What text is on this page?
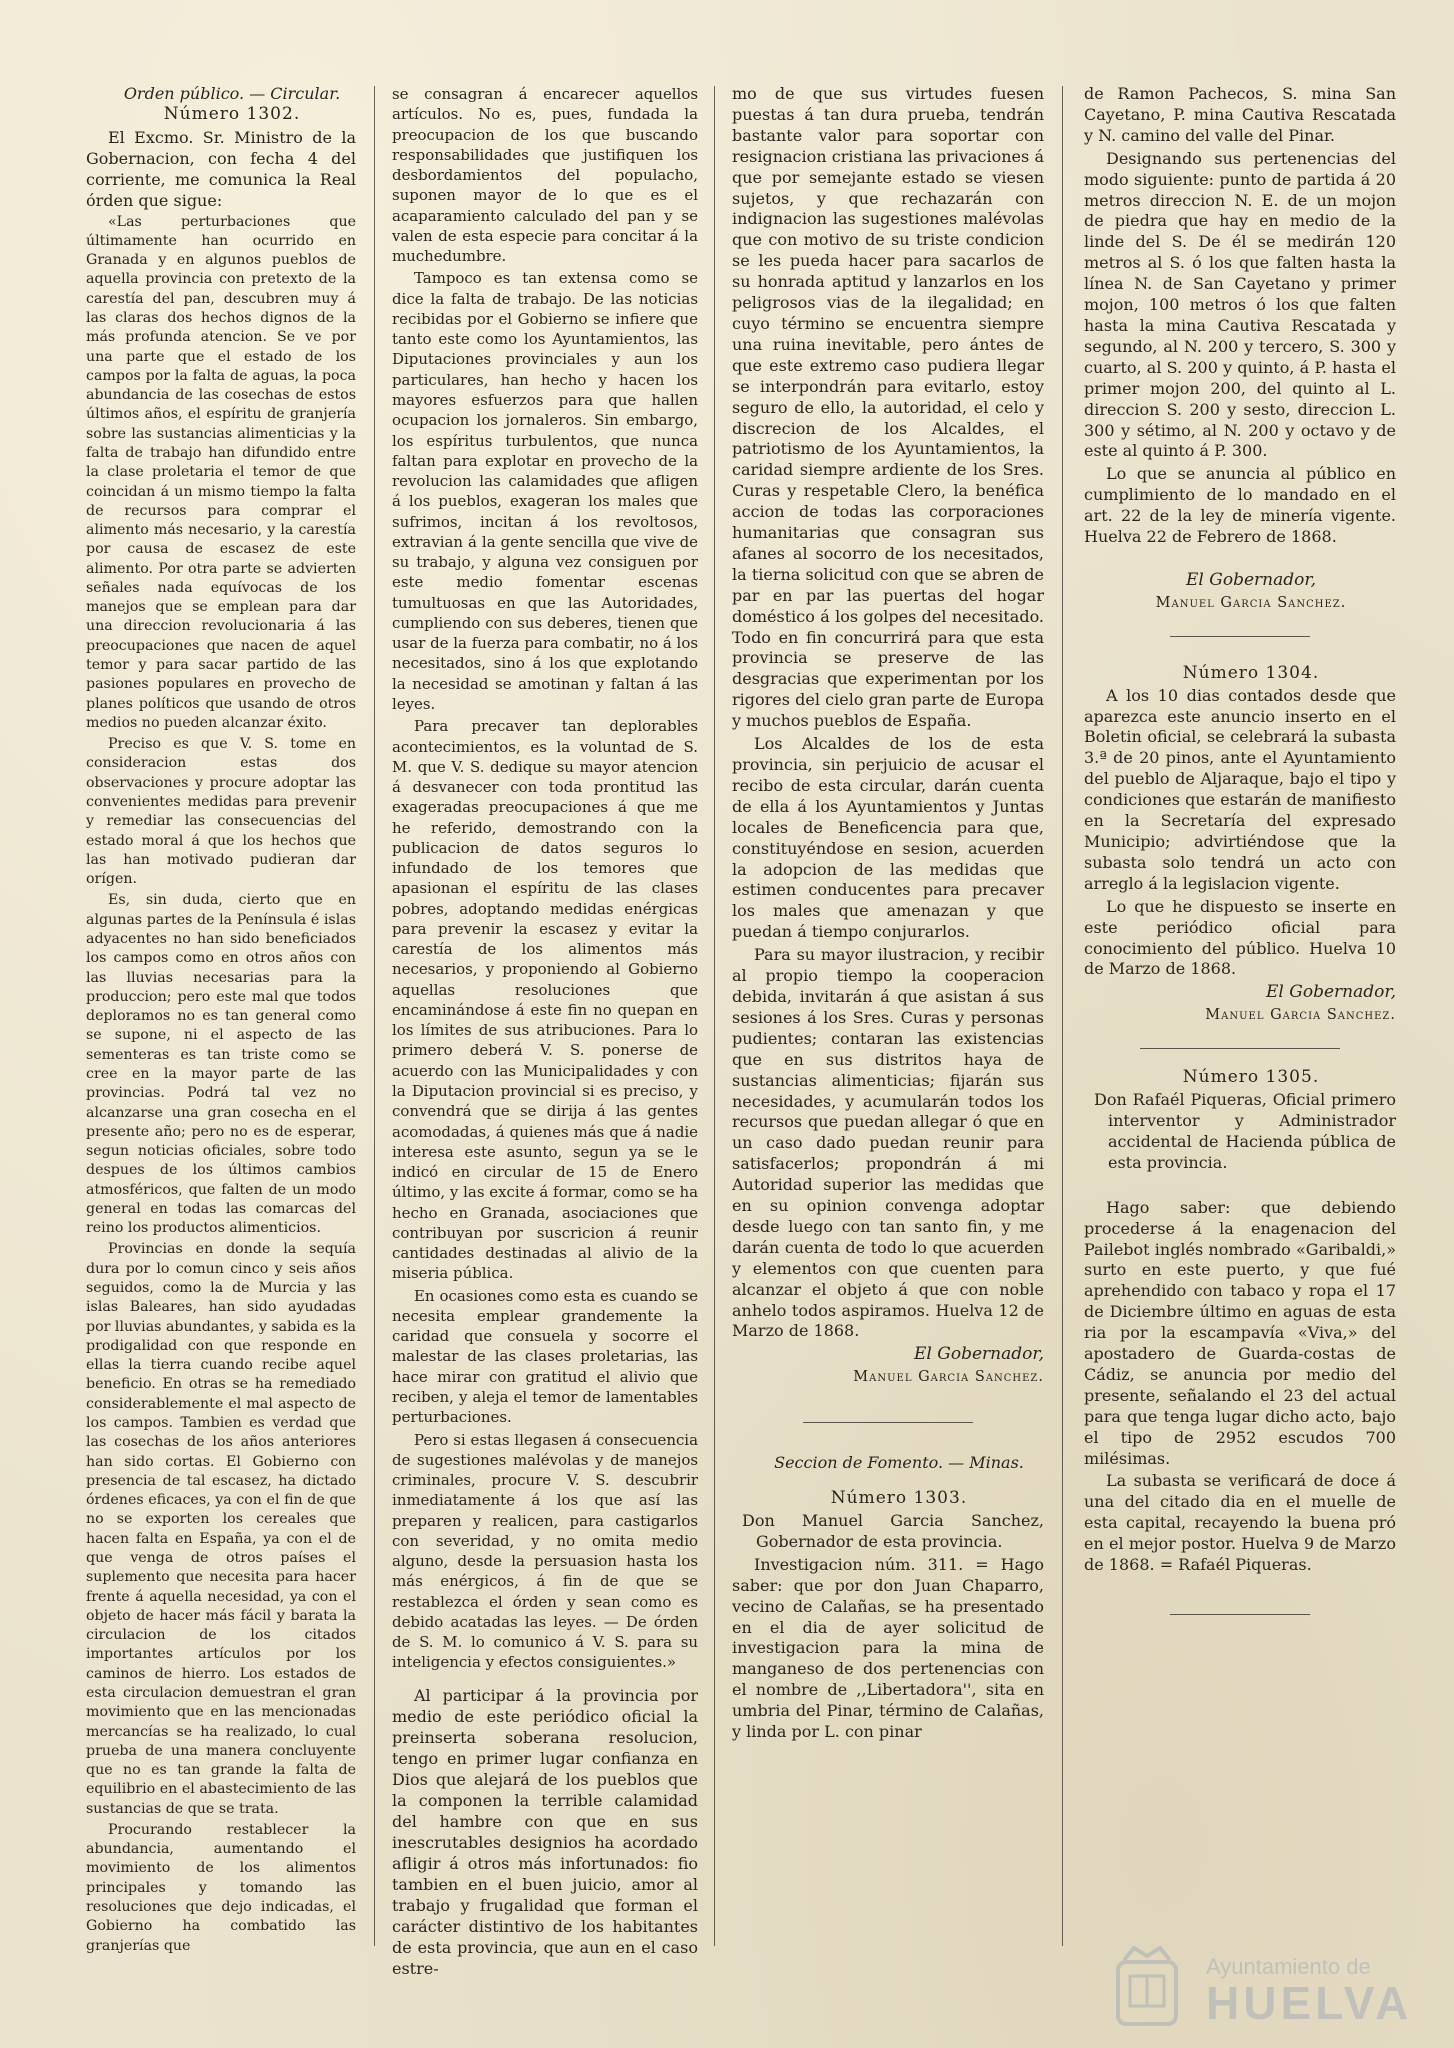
Orden público. — Circular.

Número 1302.

El Excmo. Sr. Ministro de la Gobernacion, con fecha 4 del corriente, me comunica la Real órden que sigue:

«Las perturbaciones que últimamente han ocurrido en Granada y en algunos pueblos de aquella provincia con pretexto de la carestía del pan, descubren muy á las claras dos hechos dignos de la más profunda atencion. Se ve por una parte que el estado de los campos por la falta de aguas, la poca abundancia de las cosechas de estos últimos años, el espíritu de granjería sobre las sustancias alimenticias y la falta de trabajo han difundido entre la clase proletaria el temor de que coincidan á un mismo tiempo la falta de recursos para comprar el alimento más necesario, y la carestía por causa de escasez de este alimento. Por otra parte se advierten señales nada equívocas de los manejos que se emplean para dar una direccion revolucionaria á las preocupaciones que nacen de aquel temor y para sacar partido de las pasiones populares en provecho de planes políticos que usando de otros medios no pueden alcanzar éxito.

Preciso es que V. S. tome en consideracion estas dos observaciones y procure adoptar las convenientes medidas para prevenir y remediar las consecuencias del estado moral á que los hechos que las han motivado pudieran dar orígen.

Es, sin duda, cierto que en algunas partes de la Península é islas adyacentes no han sido beneficiados los campos como en otros años con las lluvias necesarias para la produccion; pero este mal que todos deploramos no es tan general como se supone, ni el aspecto de las sementeras es tan triste como se cree en la mayor parte de las provincias. Podrá tal vez no alcanzarse una gran cosecha en el presente año; pero no es de esperar, segun noticias oficiales, sobre todo despues de los últimos cambios atmosféricos, que falten de un modo general en todas las comarcas del reino los productos alimenticios.

Provincias en donde la sequía dura por lo comun cinco y seis años seguidos, como la de Murcia y las islas Baleares, han sido ayudadas por lluvias abundantes, y sabida es la prodigalidad con que responde en ellas la tierra cuando recibe aquel beneficio. En otras se ha remediado considerablemente el mal aspecto de los campos. Tambien es verdad que las cosechas de los años anteriores han sido cortas. El Gobierno con presencia de tal escasez, ha dictado órdenes eficaces, ya con el fin de que no se exporten los cereales que hacen falta en España, ya con el de que venga de otros países el suplemento que necesita para hacer frente á aquella necesidad, ya con el objeto de hacer más fácil y barata la circulacion de los citados importantes artículos por los caminos de hierro. Los estados de esta circulacion demuestran el gran movimiento que en las mencionadas mercancías se ha realizado, lo cual prueba de una manera concluyente que no es tan grande la falta de equilibrio en el abastecimiento de las sustancias de que se trata.

Procurando restablecer la abundancia, aumentando el movimiento de los alimentos principales y tomando las resoluciones que dejo indicadas, el Gobierno ha combatido las granjerías que

se consagran á encarecer aquellos artículos. No es, pues, fundada la preocupacion de los que buscando responsabilidades que justifiquen los desbordamientos del populacho, suponen mayor de lo que es el acaparamiento calculado del pan y se valen de esta especie para concitar á la muchedumbre.

Tampoco es tan extensa como se dice la falta de trabajo. De las noticias recibidas por el Gobierno se infiere que tanto este como los Ayuntamientos, las Diputaciones provinciales y aun los particulares, han hecho y hacen los mayores esfuerzos para que hallen ocupacion los jornaleros. Sin embargo, los espíritus turbulentos, que nunca faltan para explotar en provecho de la revolucion las calamidades que afligen á los pueblos, exageran los males que sufrimos, incitan á los revoltosos, extravian á la gente sencilla que vive de su trabajo, y alguna vez consiguen por este medio fomentar escenas tumultuosas en que las Autoridades, cumpliendo con sus deberes, tienen que usar de la fuerza para combatir, no á los necesitados, sino á los que explotando la necesidad se amotinan y faltan á las leyes.

Para precaver tan deplorables acontecimientos, es la voluntad de S. M. que V. S. dedique su mayor atencion á desvanecer con toda prontitud las exageradas preocupaciones á que me he referido, demostrando con la publicacion de datos seguros lo infundado de los temores que apasionan el espíritu de las clases pobres, adoptando medidas enérgicas para prevenir la escasez y evitar la carestía de los alimentos más necesarios, y proponiendo al Gobierno aquellas resoluciones que encaminándose á este fin no quepan en los límites de sus atribuciones. Para lo primero deberá V. S. ponerse de acuerdo con las Municipalidades y con la Diputacion provincial si es preciso, y convendrá que se dirija á las gentes acomodadas, á quienes más que á nadie interesa este asunto, segun ya se le indicó en circular de 15 de Enero último, y las excite á formar, como se ha hecho en Granada, asociaciones que contribuyan por suscricion á reunir cantidades destinadas al alivio de la miseria pública.

En ocasiones como esta es cuando se necesita emplear grandemente la caridad que consuela y socorre el malestar de las clases proletarias, las hace mirar con gratitud el alivio que reciben, y aleja el temor de lamentables perturbaciones.

Pero si estas llegasen á consecuencia de sugestiones malévolas y de manejos criminales, procure V. S. descubrir inmediatamente á los que así las preparen y realicen, para castigarlos con severidad, y no omita medio alguno, desde la persuasion hasta los más enérgicos, á fin de que se restablezca el órden y sean como es debido acatadas las leyes. — De órden de S. M. lo comunico á V. S. para su inteligencia y efectos consiguientes.»

Al participar á la provincia por medio de este periódico oficial la preinserta soberana resolucion, tengo en primer lugar confianza en Dios que alejará de los pueblos que la componen la terrible calamidad del hambre con que en sus inescrutables designios ha acordado afligir á otros más infortunados: fio tambien en el buen juicio, amor al trabajo y frugalidad que forman el carácter distintivo de los habitantes de esta provincia, que aun en el caso estre-

mo de que sus virtudes fuesen puestas á tan dura prueba, tendrán bastante valor para soportar con resignacion cristiana las privaciones á que por semejante estado se viesen sujetos, y que rechazarán con indignacion las sugestiones malévolas que con motivo de su triste condicion se les pueda hacer para sacarlos de su honrada aptitud y lanzarlos en los peligrosos vias de la ilegalidad; en cuyo término se encuentra siempre una ruina inevitable, pero ántes de que este extremo caso pudiera llegar se interpondrán para evitarlo, estoy seguro de ello, la autoridad, el celo y discrecion de los Alcaldes, el patriotismo de los Ayuntamientos, la caridad siempre ardiente de los Sres. Curas y respetable Clero, la benéfica accion de todas las corporaciones humanitarias que consagran sus afanes al socorro de los necesitados, la tierna solicitud con que se abren de par en par las puertas del hogar doméstico á los golpes del necesitado. Todo en fin concurrirá para que esta provincia se preserve de las desgracias que experimentan por los rigores del cielo gran parte de Europa y muchos pueblos de España.

Los Alcaldes de los de esta provincia, sin perjuicio de acusar el recibo de esta circular, darán cuenta de ella á los Ayuntamientos y Juntas locales de Beneficencia para que, constituyéndose en sesion, acuerden la adopcion de las medidas que estimen conducentes para precaver los males que amenazan y que puedan á tiempo conjurarlos.

Para su mayor ilustracion, y recibir al propio tiempo la cooperacion debida, invitarán á que asistan á sus sesiones á los Sres. Curas y personas pudientes; contaran las existencias que en sus distritos haya de sustancias alimenticias; fijarán sus necesidades, y acumularán todos los recursos que puedan allegar ó que en un caso dado puedan reunir para satisfacerlos; propondrán á mi Autoridad superior las medidas que en su opinion convenga adoptar desde luego con tan santo fin, y me darán cuenta de todo lo que acuerden y elementos con que cuenten para alcanzar el objeto á que con noble anhelo todos aspiramos. Huelva 12 de Marzo de 1868.

El Gobernador,

Manuel Garcia Sanchez.

Seccion de Fomento. — Minas.

Número 1303.

Don Manuel Garcia Sanchez, Gobernador de esta provincia.

Investigacion núm. 311. = Hago saber: que por don Juan Chaparro, vecino de Calañas, se ha presentado en el dia de ayer solicitud de investigacion para la mina de manganeso de dos pertenencias con el nombre de ,,Libertadora'', sita en umbria del Pinar, término de Calañas, y linda por L. con pinar

de Ramon Pachecos, S. mina San Cayetano, P. mina Cautiva Rescatada y N. camino del valle del Pinar.

Designando sus pertenencias del modo siguiente: punto de partida á 20 metros direccion N. E. de un mojon de piedra que hay en medio de la linde del S. De él se medirán 120 metros al S. ó los que falten hasta la línea N. de San Cayetano y primer mojon, 100 metros ó los que falten hasta la mina Cautiva Rescatada y segundo, al N. 200 y tercero, S. 300 y cuarto, al S. 200 y quinto, á P. hasta el primer mojon 200, del quinto al L. direccion S. 200 y sesto, direccion L. 300 y sétimo, al N. 200 y octavo y de este al quinto á P. 300.

Lo que se anuncia al público en cumplimiento de lo mandado en el art. 22 de la ley de minería vigente. Huelva 22 de Febrero de 1868.

El Gobernador,

Manuel Garcia Sanchez.

Número 1304.

A los 10 dias contados desde que aparezca este anuncio inserto en el Boletin oficial, se celebrará la subasta 3.ª de 20 pinos, ante el Ayuntamiento del pueblo de Aljaraque, bajo el tipo y condiciones que estarán de manifiesto en la Secretaría del expresado Municipio; advirtiéndose que la subasta solo tendrá un acto con arreglo á la legislacion vigente.

Lo que he dispuesto se inserte en este periódico oficial para conocimiento del público. Huelva 10 de Marzo de 1868.

El Gobernador,

Manuel Garcia Sanchez.

Número 1305.

Don Rafaél Piqueras, Oficial primero interventor y Administrador accidental de Hacienda pública de esta provincia.

Hago saber: que debiendo procederse á la enagenacion del Pailebot inglés nombrado «Garibaldi,» surto en este puerto, y que fué aprehendido con tabaco y ropa el 17 de Diciembre último en aguas de esta ria por la escampavía «Viva,» del apostadero de Guarda-costas de Cádiz, se anuncia por medio del presente, señalando el 23 del actual para que tenga lugar dicho acto, bajo el tipo de 2952 escudos 700 milésimas.

La subasta se verificará de doce á una del citado dia en el muelle de esta capital, recayendo la buena pró en el mejor postor. Huelva 9 de Marzo de 1868. = Rafaél Piqueras.

Ayuntamiento de
HUELVA
